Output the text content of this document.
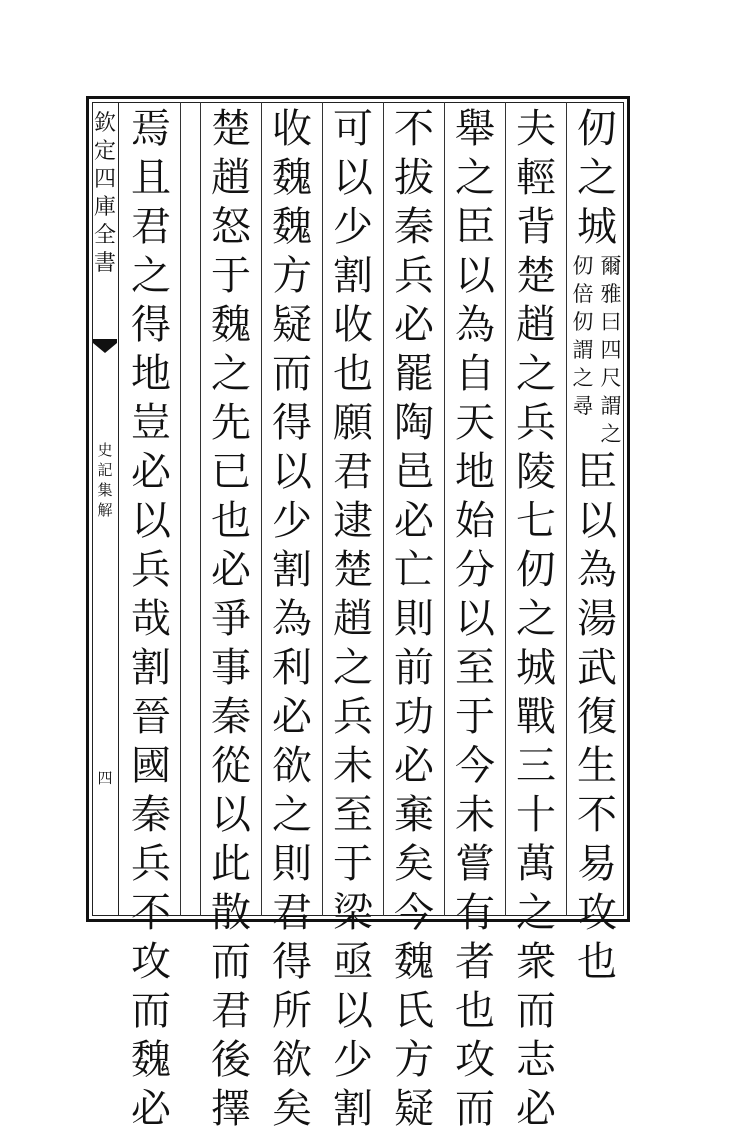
欽
定
四
庫
全
書
史
記
集
解
四
仞
之
城
爾
雅
曰
四
尺
謂
之
仞
倍
仞
謂
之
尋
臣
以
為
湯
武
復
生
不
易
攻
也
夫
輕
背
楚
趙
之
兵
陵
七
仞
之
城
戰
三
十
萬
之
衆
而
志
必
舉
之
臣
以
為
自
天
地
始
分
以
至
于
今
未
嘗
有
者
也
攻
而
不
拔
秦
兵
必
罷
陶
邑
必
亡
則
前
功
必
棄
矣
今
魏
氏
方
疑
可
以
少
割
收
也
願
君
逮
楚
趙
之
兵
未
至
于
梁
亟
以
少
割
收
魏
魏
方
疑
而
得
以
少
割
為
利
必
欲
之
則
君
得
所
欲
矣
楚
趙
怒
于
魏
之
先
已
也
必
爭
事
秦
從
以
此
散
而
君
後
擇
焉
且
君
之
得
地
豈
必
以
兵
哉
割
晉
國
秦
兵
不
攻
而
魏
必
